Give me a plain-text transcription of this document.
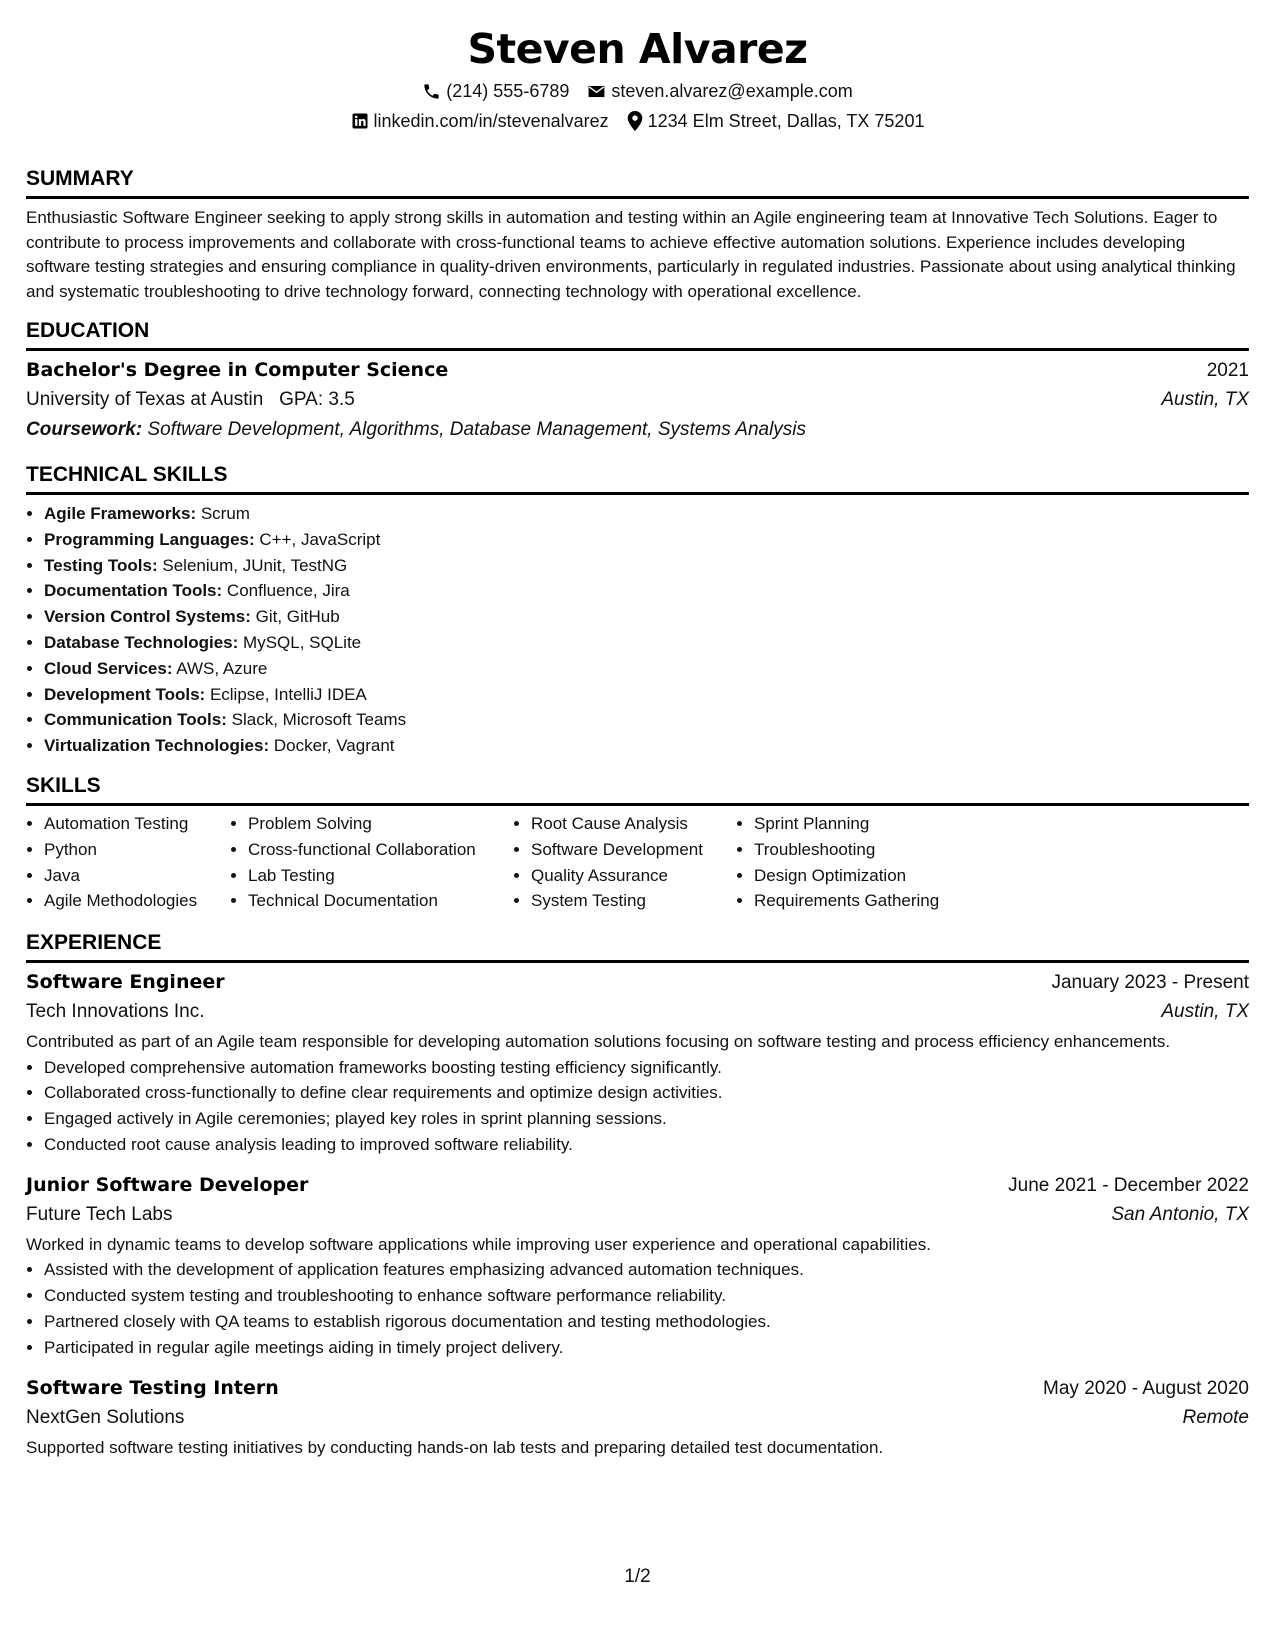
Steven Alvarez
(214) 555-6789 steven.alvarez@example.com
linkedin.com/in/stevenalvarez 1234 Elm Street, Dallas, TX 75201
SUMMARY
Enthusiastic Software Engineer seeking to apply strong skills in automation and testing within an Agile engineering team at Innovative Tech Solutions. Eager to contribute to process improvements and collaborate with cross-functional teams to achieve effective automation solutions. Experience includes developing software testing strategies and ensuring compliance in quality-driven environments, particularly in regulated industries. Passionate about using analytical thinking and systematic troubleshooting to drive technology forward, connecting technology with operational excellence.
EDUCATION
Bachelor's Degree in Computer Science	2021
University of Texas at Austin GPA: 3.5	Austin, TX
Coursework: Software Development, Algorithms, Database Management, Systems Analysis
TECHNICAL SKILLS
• Agile Frameworks: Scrum
• Programming Languages: C++, JavaScript
• Testing Tools: Selenium, JUnit, TestNG
• Documentation Tools: Confluence, Jira
• Version Control Systems: Git, GitHub
• Database Technologies: MySQL, SQLite
• Cloud Services: AWS, Azure
• Development Tools: Eclipse, IntelliJ IDEA
• Communication Tools: Slack, Microsoft Teams
• Virtualization Technologies: Docker, Vagrant
SKILLS
• Automation Testing
• Python
• Java
• Agile Methodologies
• Problem Solving
• Cross-functional Collaboration
• Lab Testing
• Technical Documentation
• Root Cause Analysis
• Software Development
• Quality Assurance
• System Testing
• Sprint Planning
• Troubleshooting
• Design Optimization
• Requirements Gathering
EXPERIENCE
Software Engineer	January 2023 - Present
Tech Innovations Inc.	Austin, TX
Contributed as part of an Agile team responsible for developing automation solutions focusing on software testing and process efficiency enhancements.
• Developed comprehensive automation frameworks boosting testing efficiency significantly.
• Collaborated cross-functionally to define clear requirements and optimize design activities.
• Engaged actively in Agile ceremonies; played key roles in sprint planning sessions.
• Conducted root cause analysis leading to improved software reliability.
Junior Software Developer	June 2021 - December 2022
Future Tech Labs	San Antonio, TX
Worked in dynamic teams to develop software applications while improving user experience and operational capabilities.
• Assisted with the development of application features emphasizing advanced automation techniques.
• Conducted system testing and troubleshooting to enhance software performance reliability.
• Partnered closely with QA teams to establish rigorous documentation and testing methodologies.
• Participated in regular agile meetings aiding in timely project delivery.
Software Testing Intern	May 2020 - August 2020
NextGen Solutions	Remote
Supported software testing initiatives by conducting hands-on lab tests and preparing detailed test documentation.
1/2
